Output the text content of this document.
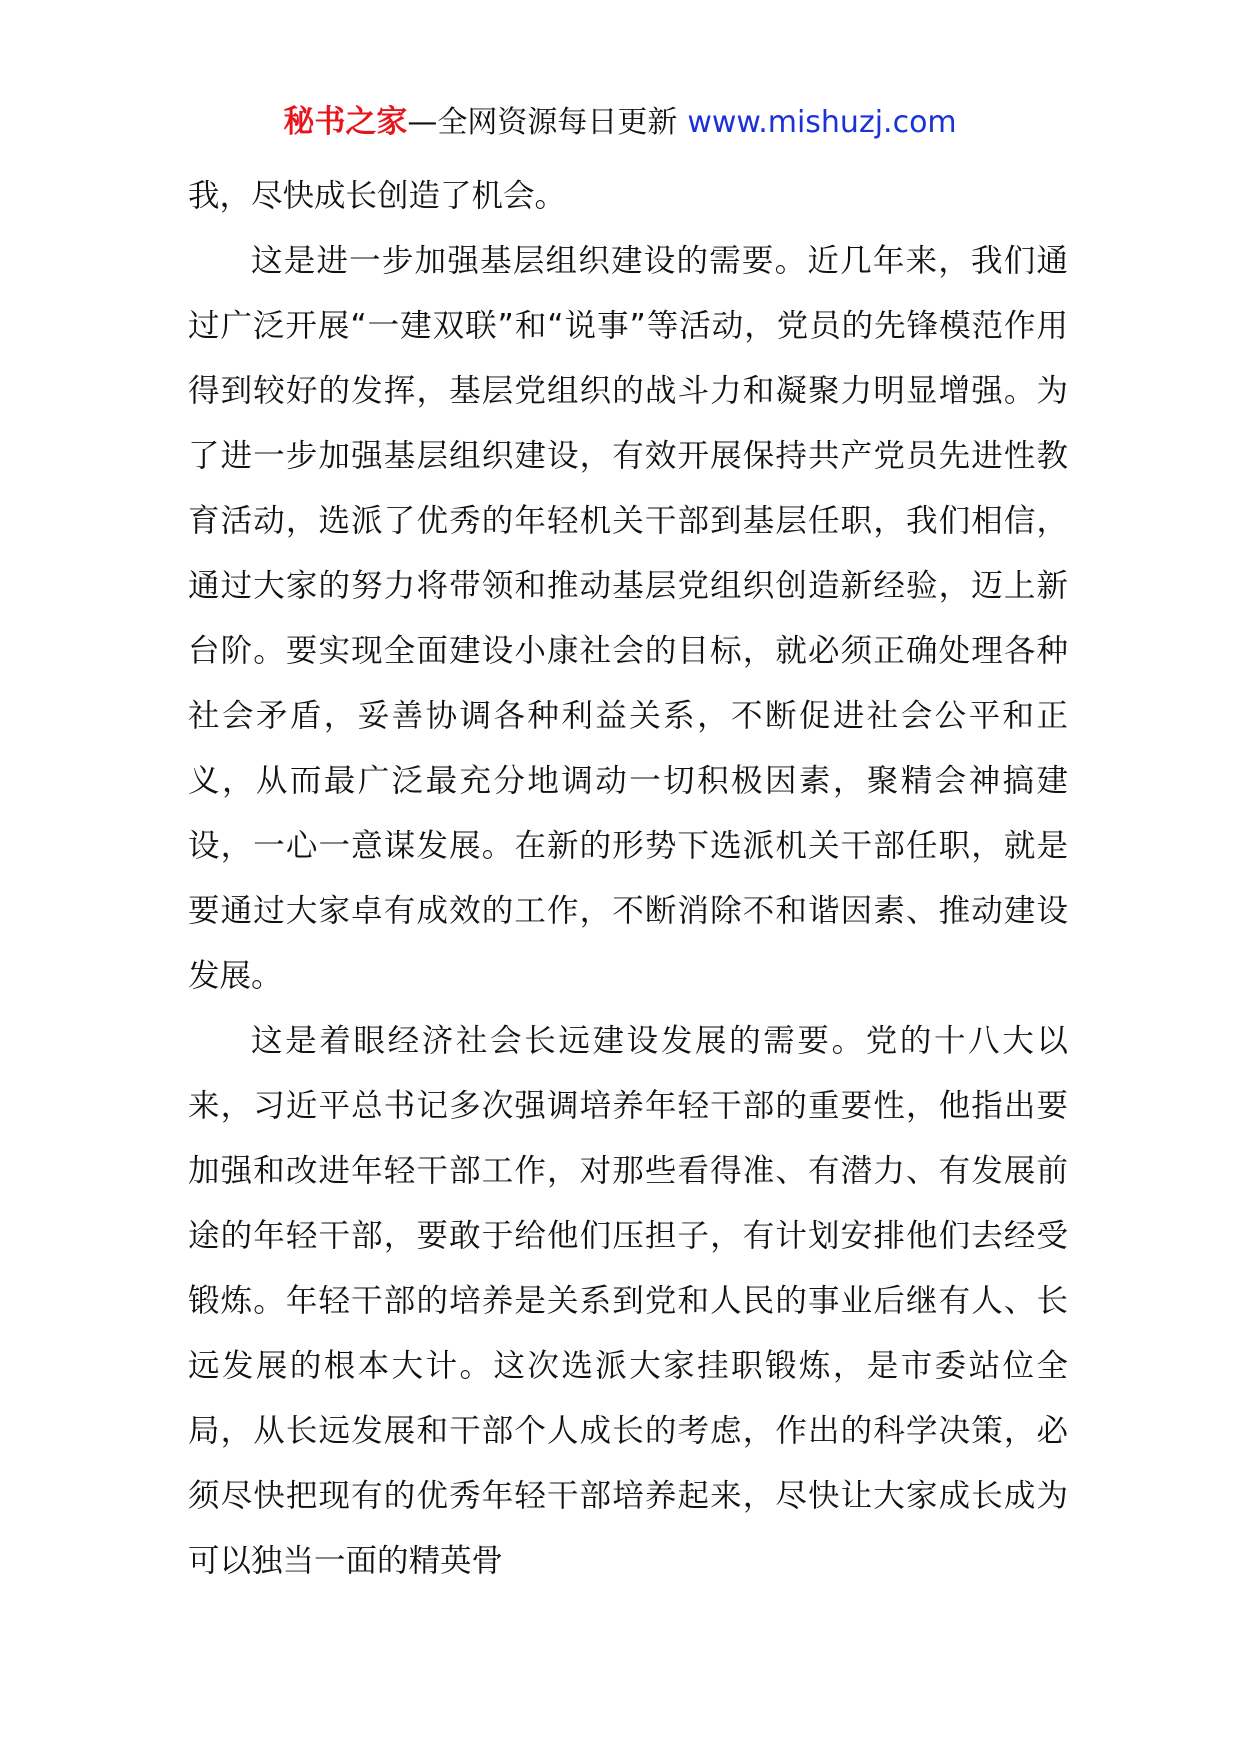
秘书之家—全网资源每日更新 www.mishuzj.com

我，尽快成长创造了机会。

这是进一步加强基层组织建设的需要。近几年来，我们通过广泛开展“一建双联”和“说事”等活动，党员的先锋模范作用得到较好的发挥，基层党组织的战斗力和凝聚力明显增强。为了进一步加强基层组织建设，有效开展保持共产党员先进性教育活动，选派了优秀的年轻机关干部到基层任职，我们相信，通过大家的努力将带领和推动基层党组织创造新经验，迈上新台阶。要实现全面建设小康社会的目标，就必须正确处理各种社会矛盾，妥善协调各种利益关系，不断促进社会公平和正义，从而最广泛最充分地调动一切积极因素，聚精会神搞建设，一心一意谋发展。在新的形势下选派机关干部任职，就是要通过大家卓有成效的工作，不断消除不和谐因素、推动建设发展。

这是着眼经济社会长远建设发展的需要。党的十八大以来，习近平总书记多次强调培养年轻干部的重要性，他指出要加强和改进年轻干部工作，对那些看得准、有潜力、有发展前途的年轻干部，要敢于给他们压担子，有计划安排他们去经受锻炼。年轻干部的培养是关系到党和人民的事业后继有人、长远发展的根本大计。这次选派大家挂职锻炼，是市委站位全局，从长远发展和干部个人成长的考虑，作出的科学决策，必须尽快把现有的优秀年轻干部培养起来，尽快让大家成长成为可以独当一面的精英骨
